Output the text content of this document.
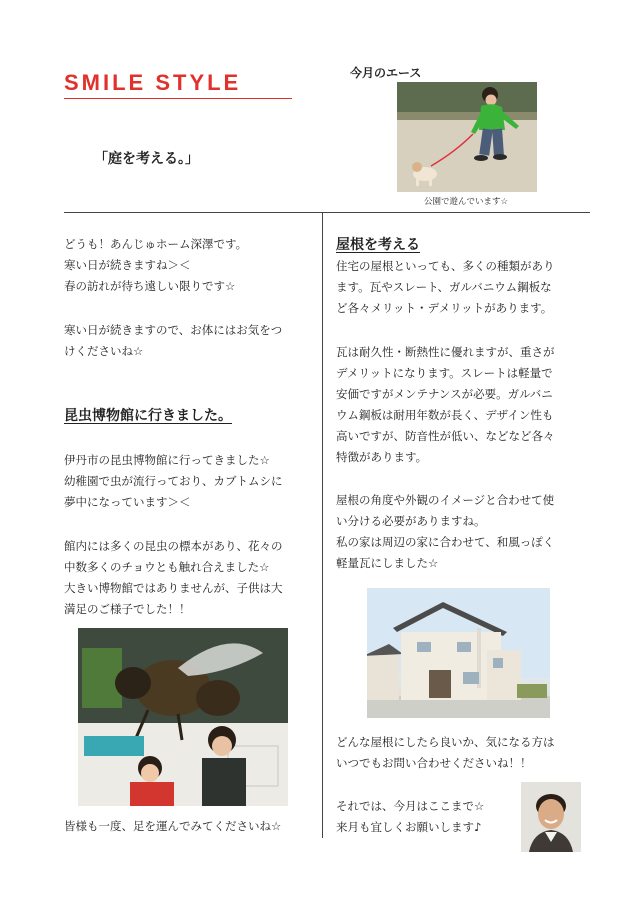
SMILE STYLE
「庭を考える。」
今月のエース
公園で遊んでいます☆
どうも！あんじゅホーム深澤です。
寒い日が続きますね＞＜
春の訪れが待ち遠しい限りです☆
寒い日が続きますので、お体にはお気をつ
けくださいね☆
昆虫博物館に行きました。
伊丹市の昆虫博物館に行ってきました☆
幼稚園で虫が流行っており、カブトムシに
夢中になっています＞＜
館内には多くの昆虫の標本があり、花々の
中数多くのチョウとも触れ合えました☆
大きい博物館ではありませんが、子供は大
満足のご様子でした！！
皆様も一度、足を運んでみてくださいね☆
屋根を考える
住宅の屋根といっても、多くの種類があり
ます。瓦やスレート、ガルバニウム鋼板な
ど各々メリット・デメリットがあります。
瓦は耐久性・断熱性に優れますが、重さが
デメリットになります。スレートは軽量で
安価ですがメンテナンスが必要。ガルバニ
ウム鋼板は耐用年数が長く、デザイン性も
高いですが、防音性が低い、などなど各々
特徴があります。
屋根の角度や外観のイメージと合わせて使
い分ける必要がありますね。
私の家は周辺の家に合わせて、和風っぽく
軽量瓦にしました☆
どんな屋根にしたら良いか、気になる方は
いつでもお問い合わせくださいね！！
それでは、今月はここまで☆
来月も宜しくお願いします♪
